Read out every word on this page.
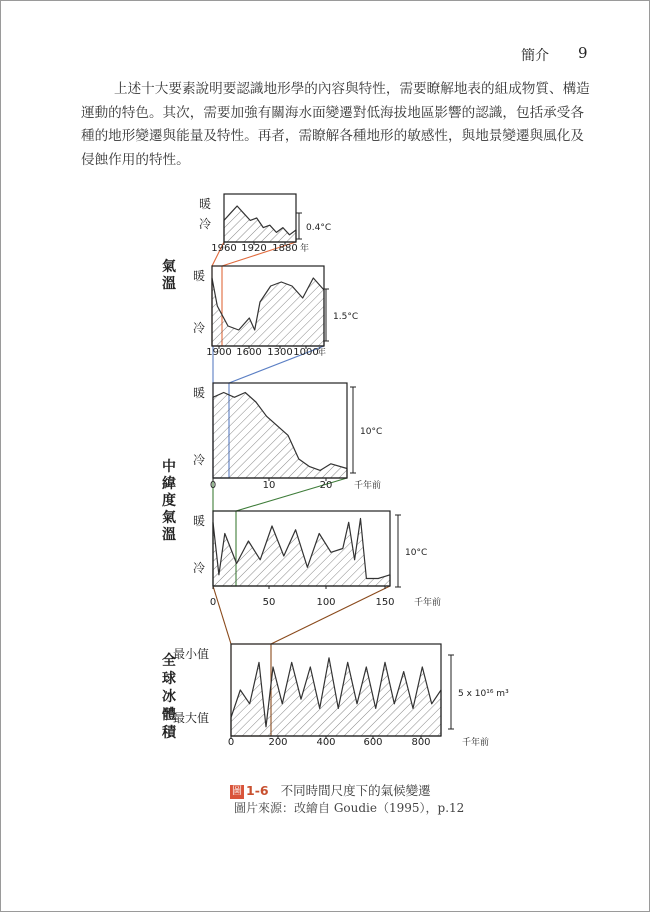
簡介 9
上述十大要素說明要認識地形學的內容與特性，需要瞭解地表的組成物質、構造
運動的特色。其次，需要加強有關海水面變遷對低海拔地區影響的認識，包括承受各
種的地形變遷與能量及特性。再者，需瞭解各種地形的敏感性，與地景變遷與風化及
侵蝕作用的特性。
氣
溫
中
緯
度
氣
溫
全
球
冰
體
積
暖
冷	0.4°C
1960 1920 1880 年
暖
冷
1.5°C
1900 1600 1300 1000
年
暖
冷
10°C
0	10	20 千年前
暖
冷
10°C
0	50	100	150 千年前
最小值
最大值
5 x 10¹⁶ m³
0	200	400	600	800	千年前
圖 1-6 不同時間尺度下的氣候變遷
圖片來源：改繪自 Goudie（1995），p.12
